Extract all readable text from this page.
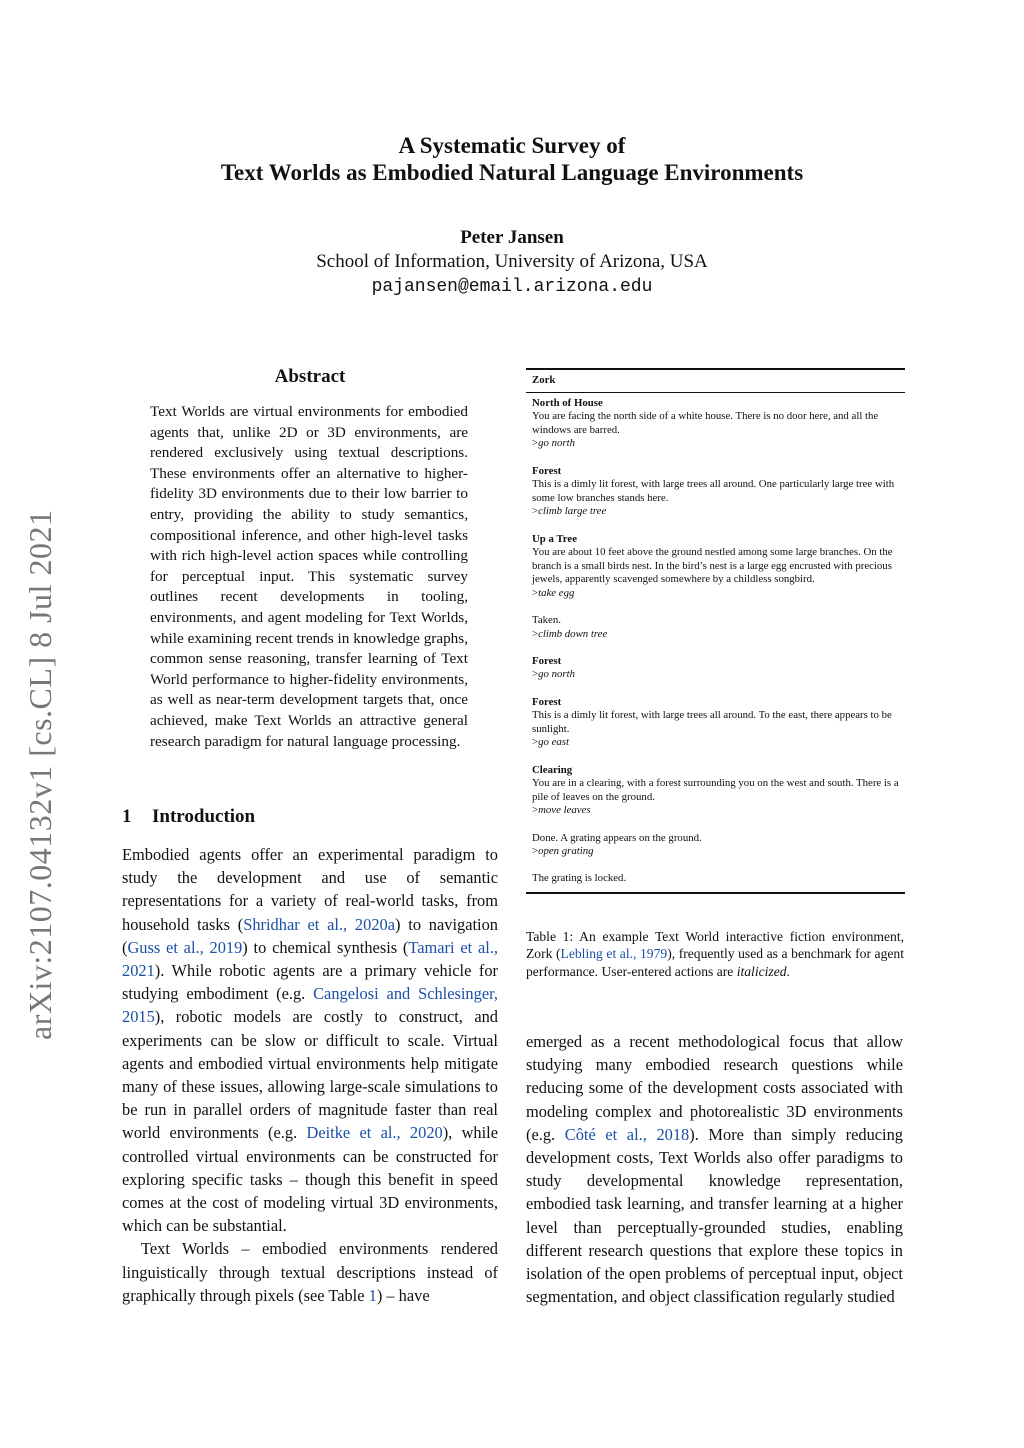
A Systematic Survey of
Text Worlds as Embodied Natural Language Environments
Peter Jansen
School of Information, University of Arizona, USA
pajansen@email.arizona.edu
arXiv:2107.04132v1 [cs.CL] 8 Jul 2021
Abstract
Text Worlds are virtual environments for embodied agents that, unlike 2D or 3D environments, are rendered exclusively using textual descriptions. These environments offer an alternative to higher-fidelity 3D environments due to their low barrier to entry, providing the ability to study semantics, compositional inference, and other high-level tasks with rich high-level action spaces while controlling for perceptual input. This systematic survey outlines recent developments in tooling, environments, and agent modeling for Text Worlds, while examining recent trends in knowledge graphs, common sense reasoning, transfer learning of Text World performance to higher-fidelity environments, as well as near-term development targets that, once achieved, make Text Worlds an attractive general research paradigm for natural language processing.
1 Introduction

Embodied agents offer an experimental paradigm to study the development and use of semantic representations for a variety of real-world tasks, from household tasks (Shridhar et al., 2020a) to navigation (Guss et al., 2019) to chemical synthesis (Tamari et al., 2021). While robotic agents are a primary vehicle for studying embodiment (e.g. Cangelosi and Schlesinger, 2015), robotic models are costly to construct, and experiments can be slow or difficult to scale. Virtual agents and embodied virtual environments help mitigate many of these issues, allowing large-scale simulations to be run in parallel orders of magnitude faster than real world environments (e.g. Deitke et al., 2020), while controlled virtual environments can be constructed for exploring specific tasks – though this benefit in speed comes at the cost of modeling virtual 3D environments, which can be substantial.

Text Worlds – embodied environments rendered linguistically through textual descriptions instead of graphically through pixels (see Table 1) – have

Zork
North of House
You are facing the north side of a white house. There is no door here, and all the windows are barred.
>go north
Forest
This is a dimly lit forest, with large trees all around. One particularly large tree with some low branches stands here.
>climb large tree
Up a Tree
You are about 10 feet above the ground nestled among some large branches. On the branch is a small birds nest. In the bird’s nest is a large egg encrusted with precious jewels, apparently scavenged somewhere by a childless songbird.
>take egg
Taken.
>climb down tree
Forest
>go north
Forest
This is a dimly lit forest, with large trees all around. To the east, there appears to be sunlight.
>go east
Clearing
You are in a clearing, with a forest surrounding you on the west and south. There is a pile of leaves on the ground.
>move leaves
Done. A grating appears on the ground.
>open grating
The grating is locked.
Table 1: An example Text World interactive fiction environment, Zork (Lebling et al., 1979), frequently used as a benchmark for agent performance. User-entered actions are italicized.

emerged as a recent methodological focus that allow studying many embodied research questions while reducing some of the development costs associated with modeling complex and photorealistic 3D environments (e.g. Côté et al., 2018). More than simply reducing development costs, Text Worlds also offer paradigms to study developmental knowledge representation, embodied task learning, and transfer learning at a higher level than perceptually-grounded studies, enabling different research questions that explore these topics in isolation of the open problems of perceptual input, object segmentation, and object classification regularly studied
